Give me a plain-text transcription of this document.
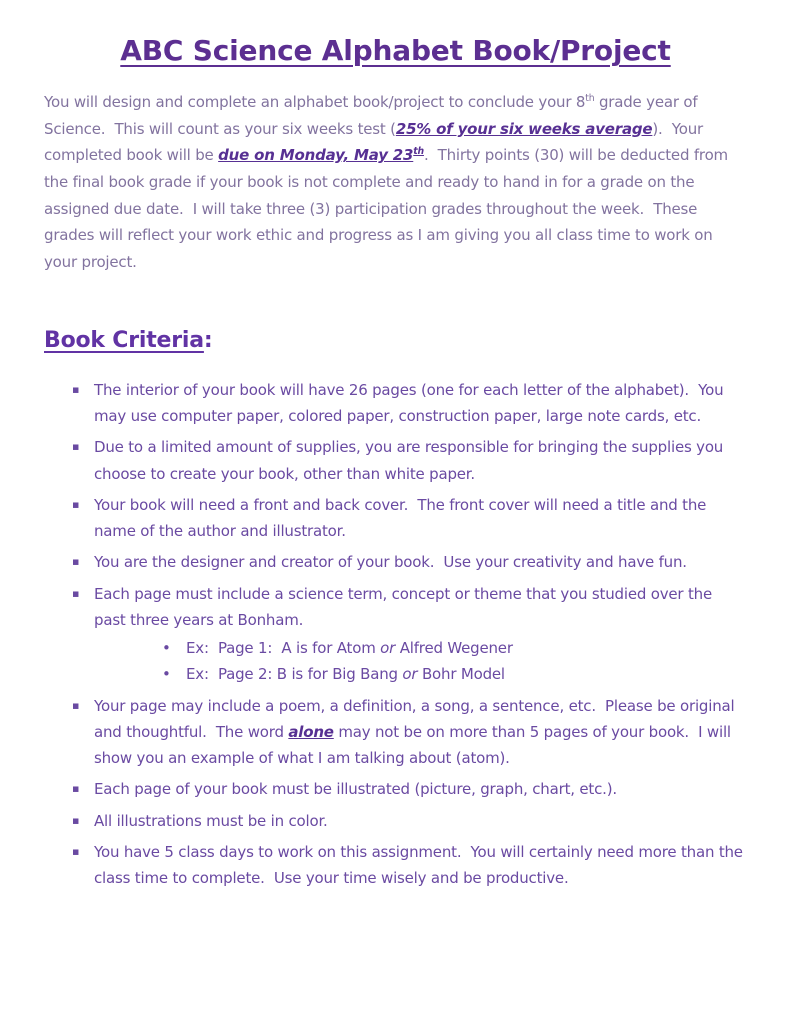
ABC Science Alphabet Book/Project

You will design and complete an alphabet book/project to conclude your 8th grade year of Science.  This will count as your six weeks test (25% of your six weeks average).  Your completed book will be due on Monday, May 23th.  Thirty points (30) will be deducted from the final book grade if your book is not complete and ready to hand in for a grade on the assigned due date.  I will take three (3) participation grades throughout the week.  These grades will reflect your work ethic and progress as I am giving you all class time to work on your project.

Book Criteria:
▪ The interior of your book will have 26 pages (one for each letter of the alphabet).  You may use computer paper, colored paper, construction paper, large note cards, etc.
▪ Due to a limited amount of supplies, you are responsible for bringing the supplies you choose to create your book, other than white paper.
▪ Your book will need a front and back cover.  The front cover will need a title and the name of the author and illustrator.
▪ You are the designer and creator of your book.  Use your creativity and have fun.
▪ Each page must include a science term, concept or theme that you studied over the past three years at Bonham.
• Ex:  Page 1:  A is for Atom or Alfred Wegener
• Ex:  Page 2: B is for Big Bang or Bohr Model
▪ Your page may include a poem, a definition, a song, a sentence, etc.  Please be original and thoughtful.  The word alone may not be on more than 5 pages of your book.  I will show you an example of what I am talking about (atom).
▪ Each page of your book must be illustrated (picture, graph, chart, etc.).
▪ All illustrations must be in color.
▪ You have 5 class days to work on this assignment.  You will certainly need more than the class time to complete.  Use your time wisely and be productive.
